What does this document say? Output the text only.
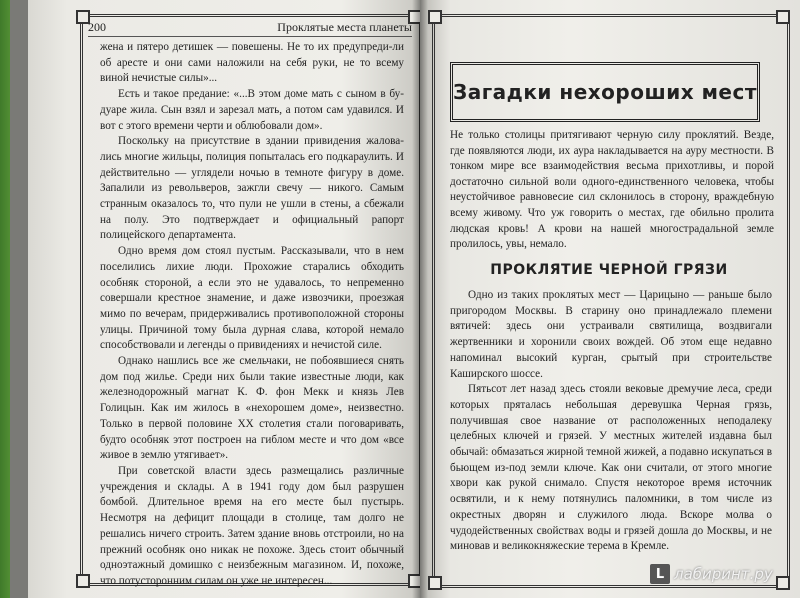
200	Проклятые места планеты

жена и пятеро детишек — повешены. Не то их предупреди-ли об аресте и они сами наложили на себя руки, не то всему виной нечистые силы»...

Есть и такое предание: «...В этом доме мать с сыном в бу-дуаре жила. Сын взял и зарезал мать, а потом сам удавился. И вот с этого времени черти и облюбовали дом».

Поскольку на присутствие в здании привидения жалова-лись многие жильцы, полиция попыталась его подкараулить. И действительно — углядели ночью в темноте фигуру в доме. Запалили из револьверов, зажгли свечу — никого. Самым странным оказалось то, что пули не ушли в стены, а сбежали на полу. Это подтверждает и официальный рапорт полицейского департамента.

Одно время дом стоял пустым. Рассказывали, что в нем поселились лихие люди. Прохожие старались обходить особняк стороной, а если это не удавалось, то непременно совершали крестное знамение, и даже извозчики, проезжая мимо по вечерам, придерживались противоположной стороны улицы. Причиной тому была дурная слава, которой немало способствовали и легенды о привидениях и нечистой силе.

Однако нашлись все же смельчаки, не побоявшиеся снять дом под жилье. Среди них были такие известные люди, как железнодорожный магнат К. Ф. фон Мекк и князь Лев Голицын. Как им жилось в «нехорошем доме», неизвестно. Только в первой половине XX столетия стали поговаривать, будто особняк этот построен на гиблом месте и что дом «все живое в землю утягивает».

При советской власти здесь размещались различные учреждения и склады. А в 1941 году дом был разрушен бомбой. Длительное время на его месте был пустырь. Несмотря на дефицит площади в столице, там долго не решались ничего строить. Затем здание вновь отстроили, но на прежний особняк оно никак не похоже. Здесь стоит обычный одноэтажный домишко с неизбежным магазином. И, похоже, что потусторонним силам он уже не интересен...

Загадки нехороших мест

Не только столицы притягивают черную силу проклятий. Везде, где появляются люди, их аура накладывается на ауру местности. В тонком мире все взаимодействия весьма прихотливы, и порой достаточно сильной воли одного-единственного человека, чтобы неустойчивое равновесие сил склонилось в сторону, враждебную всему живому. Что уж говорить о местах, где обильно пролита людская кровь! А крови на нашей многострадальной земле пролилось, увы, немало.

ПРОКЛЯТИЕ ЧЕРНОЙ ГРЯЗИ

Одно из таких проклятых мест — Царицыно — раньше было пригородом Москвы. В старину оно принадлежало племени вятичей: здесь они устраивали святилища, воздвигали жертвенники и хоронили своих вождей. Об этом еще недавно напоминал высокий курган, срытый при строительстве Каширского шоссе.

Пятьсот лет назад здесь стояли вековые дремучие леса, среди которых пряталась небольшая деревушка Черная грязь, получившая свое название от расположенных неподалеку целебных ключей и грязей. У местных жителей издавна был обычай: обмазаться жирной темной жижей, а подавно искупаться в бьющем из-под земли ключе. Как они считали, от этого многие хвори как рукой снимало. Спустя некоторое время источник освятили, и к нему потянулись паломники, в том числе из окрестных дворян и служилого люда. Вскоре молва о чудодейственных свойствах воды и грязей дошла до Москвы, и не миновав и великокняжеские терема в Кремле.

L лабиринт.ру
